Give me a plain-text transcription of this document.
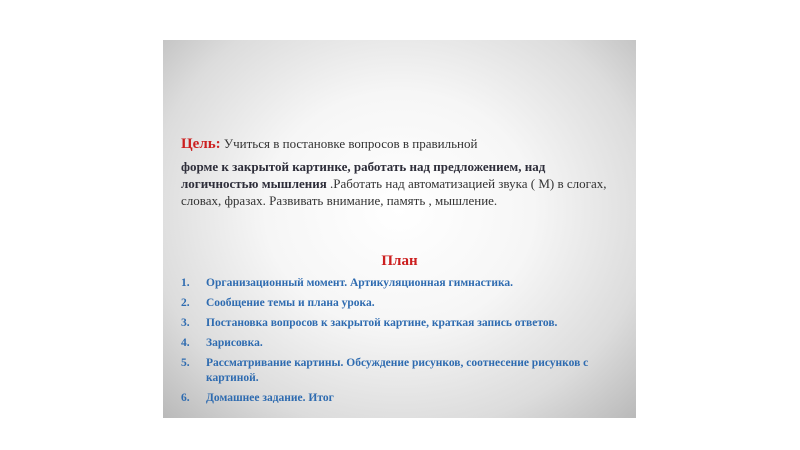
Цель: Учиться в постановке вопросов в правильной
форме к закрытой картинке, работать над предложением, над логичностью мышления .Работать над автоматизацией звука ( М) в слогах, словах, фразах. Развивать внимание, память , мышление.
План
1.	Организационный момент. Артикуляционная гимнастика.
2.	Сообщение темы и плана урока.
3.	Постановка вопросов к закрытой картине, краткая запись ответов.
4.	Зарисовка.
5.	Рассматривание картины. Обсуждение рисунков, соотнесение рисунков с картиной.
6.	Домашнее задание. Итог
